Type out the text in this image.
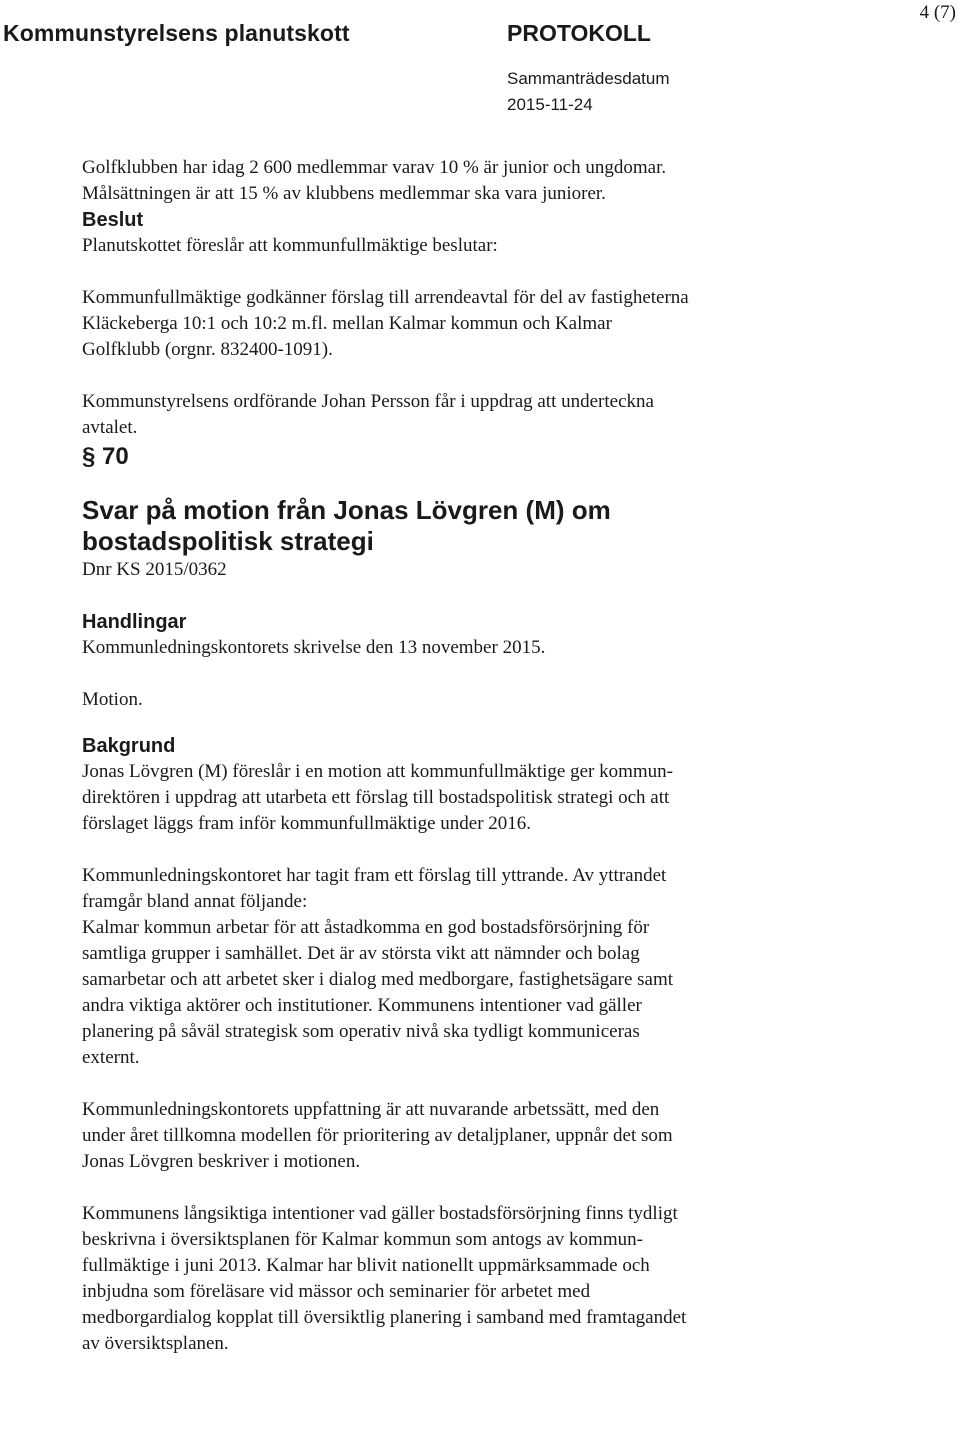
Kommunstyrelsens planutskott	PROTOKOLL
Sammanträdesdatum
2015-11-24
4 (7)

Golfklubben har idag 2 600 medlemmar varav 10 % är junior och ungdomar.

Målsättningen är att 15 % av klubbens medlemmar ska vara juniorer.

Beslut

Planutskottet föreslår att kommunfullmäktige beslutar:

Kommunfullmäktige godkänner förslag till arrendeavtal för del av fastigheterna

Kläckeberga 10:1 och 10:2 m.fl. mellan Kalmar kommun och Kalmar

Golfklubb (orgnr. 832400-1091).

Kommunstyrelsens ordförande Johan Persson får i uppdrag att underteckna

avtalet.

§ 70

Svar på motion från Jonas Lövgren (M) om
bostadspolitisk strategi

Dnr KS 2015/0362

Handlingar

Kommunledningskontorets skrivelse den 13 november 2015.

Motion.

Bakgrund

Jonas Lövgren (M) föreslår i en motion att kommunfullmäktige ger kommun-

direktören i uppdrag att utarbeta ett förslag till bostadspolitisk strategi och att

förslaget läggs fram inför kommunfullmäktige under 2016.

Kommunledningskontoret har tagit fram ett förslag till yttrande. Av yttrandet

framgår bland annat följande:

Kalmar kommun arbetar för att åstadkomma en god bostadsförsörjning för

samtliga grupper i samhället. Det är av största vikt att nämnder och bolag

samarbetar och att arbetet sker i dialog med medborgare, fastighetsägare samt

andra viktiga aktörer och institutioner. Kommunens intentioner vad gäller

planering på såväl strategisk som operativ nivå ska tydligt kommuniceras

externt.

Kommunledningskontorets uppfattning är att nuvarande arbetssätt, med den

under året tillkomna modellen för prioritering av detaljplaner, uppnår det som

Jonas Lövgren beskriver i motionen.

Kommunens långsiktiga intentioner vad gäller bostadsförsörjning finns tydligt

beskrivna i översiktsplanen för Kalmar kommun som antogs av kommun-

fullmäktige i juni 2013. Kalmar har blivit nationellt uppmärksammade och

inbjudna som föreläsare vid mässor och seminarier för arbetet med

medborgardialog kopplat till översiktlig planering i samband med framtagandet

av översiktsplanen.
